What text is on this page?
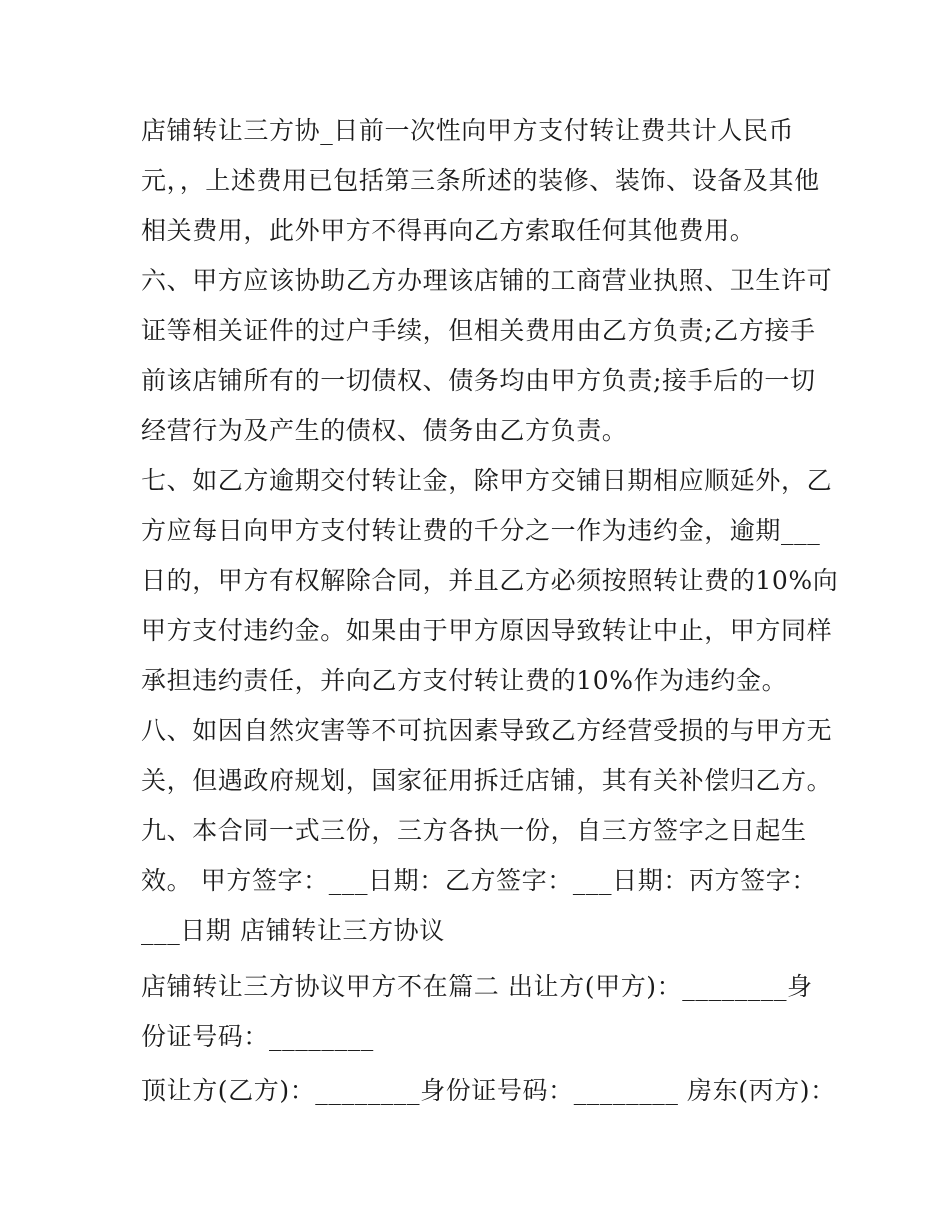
店铺转让三方协_日前一次性向甲方支付转让费共计人民币
元，，上述费用已包括第三条所述的装修、装饰、设备及其他
相关费用，此外甲方不得再向乙方索取任何其他费用。
六、甲方应该协助乙方办理该店铺的工商营业执照、卫生许可
证等相关证件的过户手续，但相关费用由乙方负责;乙方接手
前该店铺所有的一切债权、债务均由甲方负责;接手后的一切
经营行为及产生的债权、债务由乙方负责。
七、如乙方逾期交付转让金，除甲方交铺日期相应顺延外，乙
方应每日向甲方支付转让费的千分之一作为违约金，逾期___
日的，甲方有权解除合同，并且乙方必须按照转让费的10%向
甲方支付违约金。如果由于甲方原因导致转让中止，甲方同样
承担违约责任，并向乙方支付转让费的10%作为违约金。
八、如因自然灾害等不可抗因素导致乙方经营受损的与甲方无
关，但遇政府规划，国家征用拆迁店铺，其有关补偿归乙方。
九、本合同一式三份，三方各执一份，自三方签字之日起生
效。 甲方签字：___日期：乙方签字：___日期：丙方签字：
___日期 店铺转让三方协议
店铺转让三方协议甲方不在篇二 出让方(甲方)：________身
份证号码：________
顶让方(乙方)：________身份证号码：________ 房东(丙方)：
